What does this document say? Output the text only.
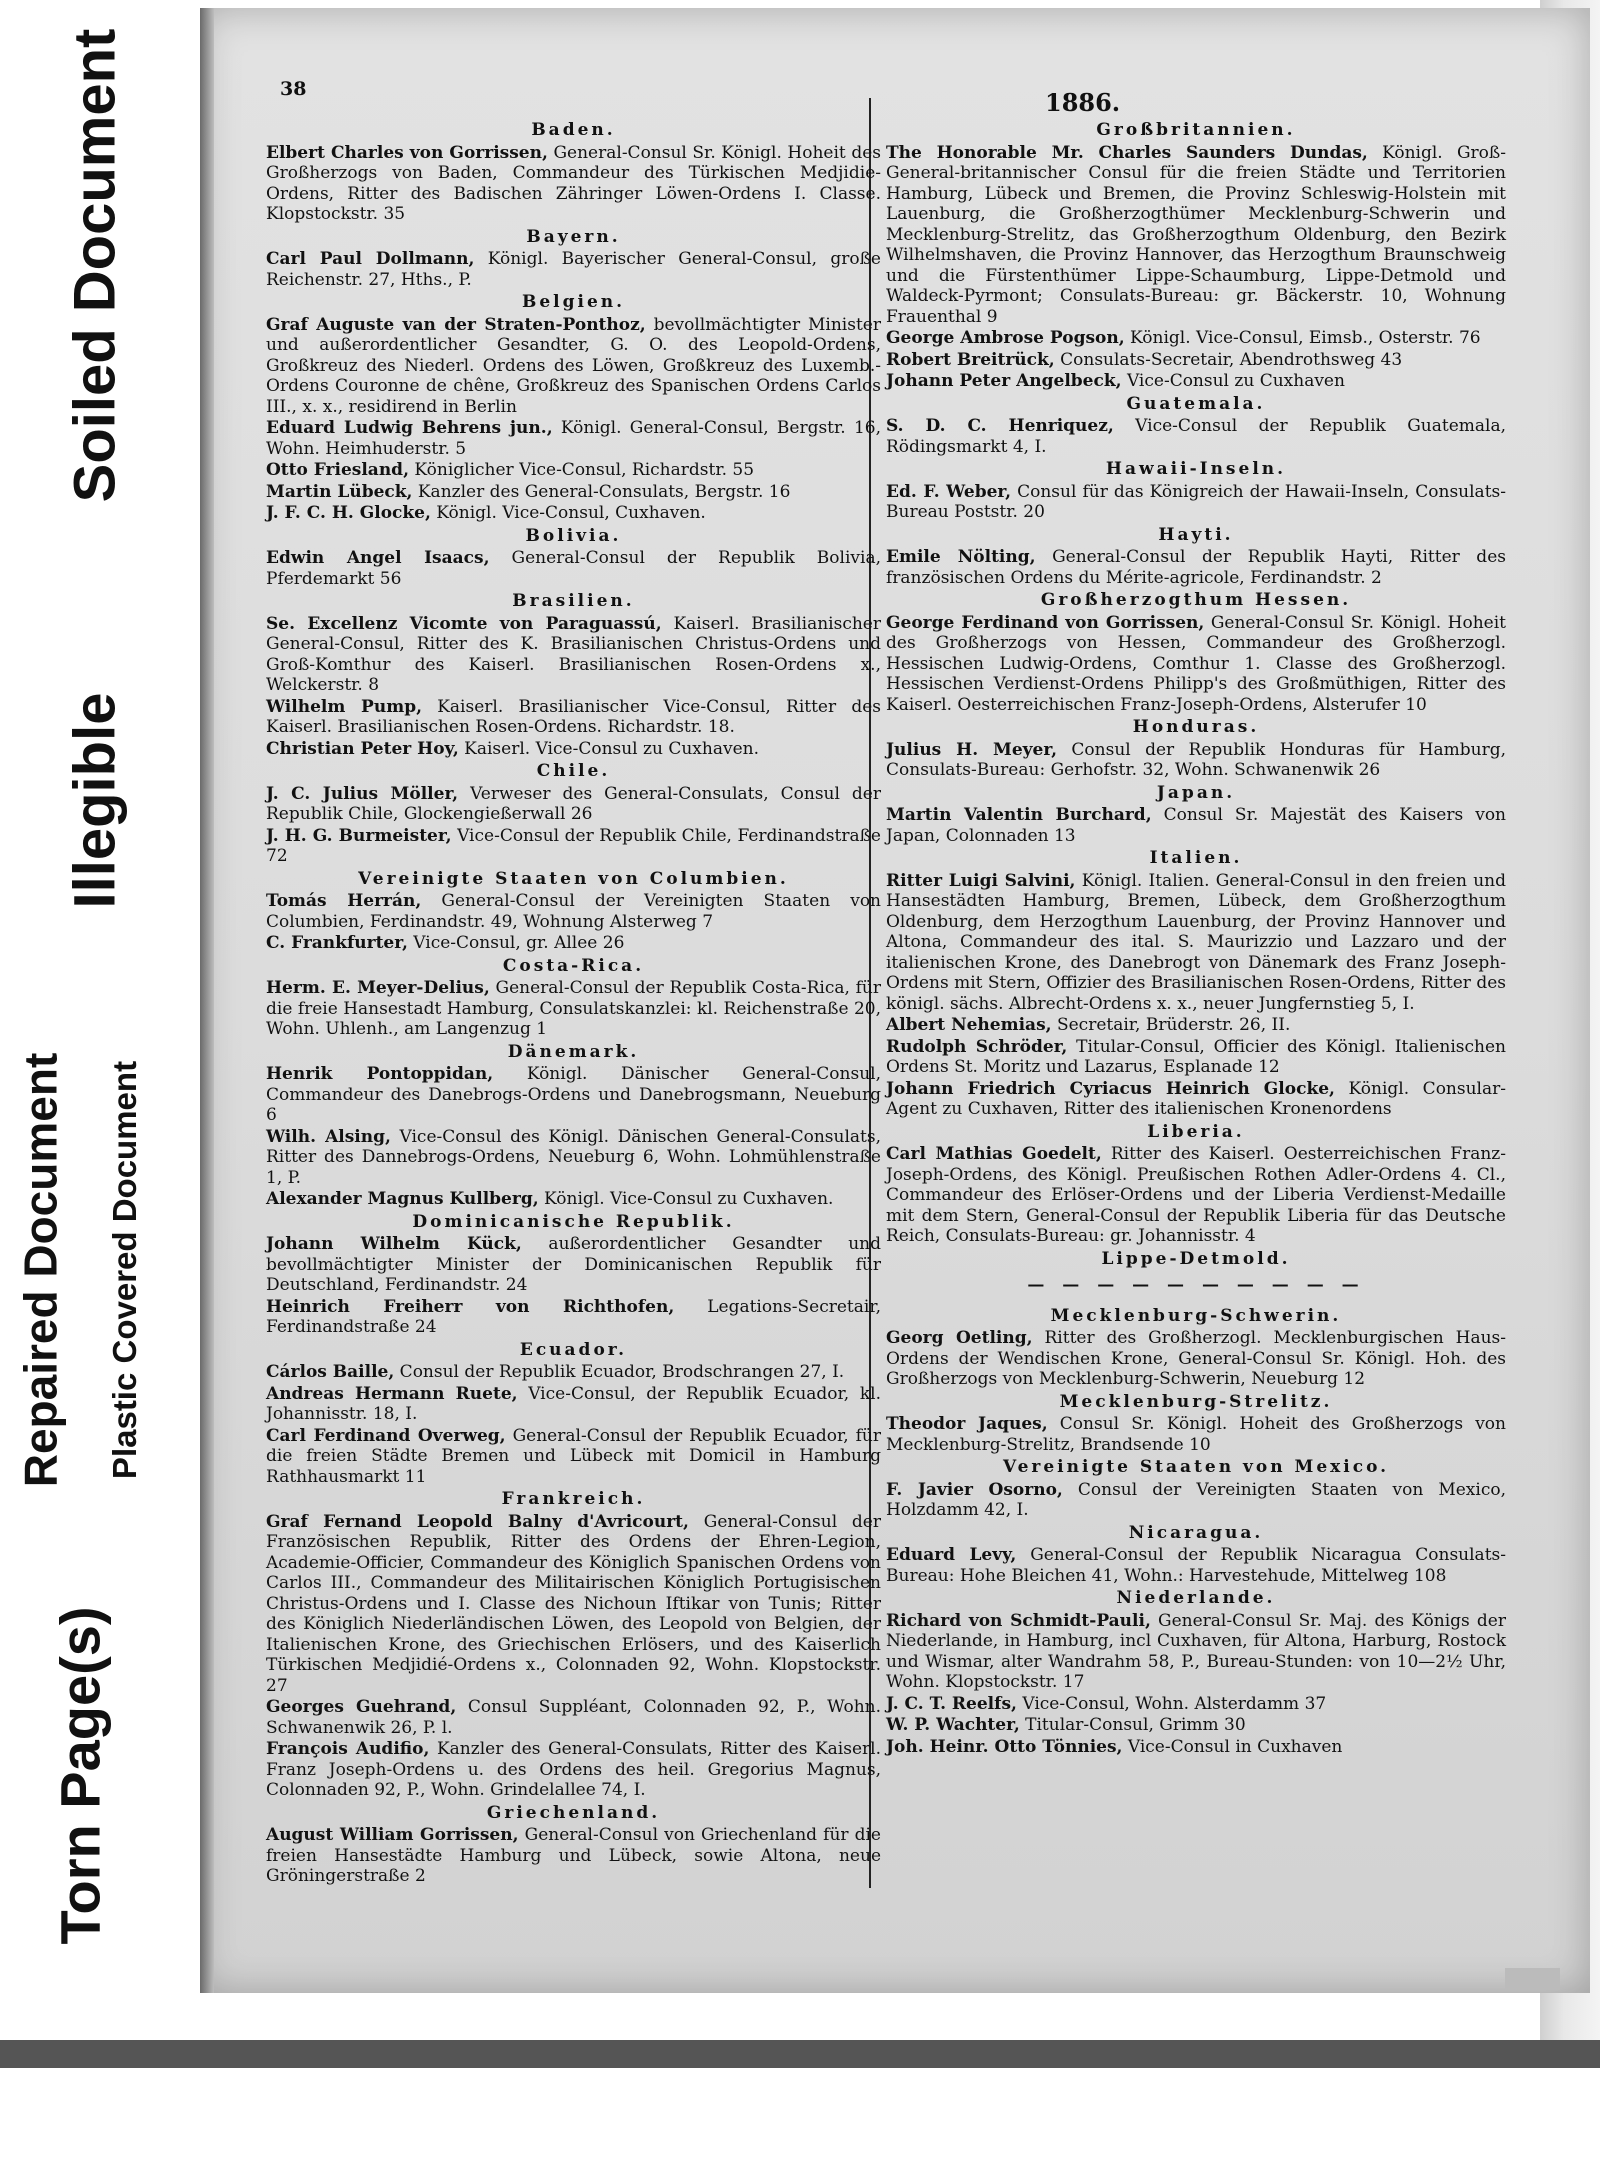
Soiled Document
Illegible
Repaired Document Plastic Covered Document
Torn Page(s)
38	1886.
Baden.
Elbert Charles von Gorrissen, General-Consul Sr. Königl. Hoheit des Großherzogs von Baden, Commandeur des Türkischen Medjidie-Ordens, Ritter des Badischen Zähringer Löwen-Ordens I. Classe. Klopstockstr. 35
Bayern.
Carl Paul Dollmann, Königl. Bayerischer General-Consul, große Reichenstr. 27, Hths., P.
Belgien.
Graf Auguste van der Straten-Ponthoz, bevollmächtigter Minister und außerordentlicher Gesandter, G. O. des Leopold-Ordens, Großkreuz des Niederl. Ordens des Löwen, Großkreuz des Luxemb.-Ordens Couronne de chêne, Großkreuz des Spanischen Ordens Carlos III., x. x., residirend in Berlin
Eduard Ludwig Behrens jun., Königl. General-Consul, Bergstr. 16, Wohn. Heimhuderstr. 5
Otto Friesland, Königlicher Vice-Consul, Richardstr. 55
Martin Lübeck, Kanzler des General-Consulats, Bergstr. 16
J. F. C. H. Glocke, Königl. Vice-Consul, Cuxhaven.
Bolivia.
Edwin Angel Isaacs, General-Consul der Republik Bolivia, Pferdemarkt 56
Brasilien.
Se. Excellenz Vicomte von Paraguassú, Kaiserl. Brasilianischer General-Consul, Ritter des K. Brasilianischen Christus-Ordens und Groß-Komthur des Kaiserl. Brasilianischen Rosen-Ordens x., Welckerstr. 8
Wilhelm Pump, Kaiserl. Brasilianischer Vice-Consul, Ritter des Kaiserl. Brasilianischen Rosen-Ordens. Richardstr. 18.
Christian Peter Hoy, Kaiserl. Vice-Consul zu Cuxhaven.
Chile.
J. C. Julius Möller, Verweser des General-Consulats, Consul der Republik Chile, Glockengießerwall 26
J. H. G. Burmeister, Vice-Consul der Republik Chile, Ferdinandstraße 72
Vereinigte Staaten von Columbien.
Tomás Herrán, General-Consul der Vereinigten Staaten von Columbien, Ferdinandstr. 49, Wohnung Alsterweg 7
C. Frankfurter, Vice-Consul, gr. Allee 26
Costa-Rica.
Herm. E. Meyer-Delius, General-Consul der Republik Costa-Rica, für die freie Hansestadt Hamburg, Consulatskanzlei: kl. Reichenstraße 20, Wohn. Uhlenh., am Langenzug 1
Dänemark.
Henrik Pontoppidan, Königl. Dänischer General-Consul, Commandeur des Danebrogs-Ordens und Danebrogsmann, Neueburg 6
Wilh. Alsing, Vice-Consul des Königl. Dänischen General-Consulats, Ritter des Dannebrogs-Ordens, Neueburg 6, Wohn. Lohmühlenstraße 1, P.
Alexander Magnus Kullberg, Königl. Vice-Consul zu Cuxhaven.
Dominicanische Republik.
Johann Wilhelm Kück, außerordentlicher Gesandter und bevollmächtigter Minister der Dominicanischen Republik für Deutschland, Ferdinandstr. 24
Heinrich Freiherr von Richthofen, Legations-Secretair, Ferdinandstraße 24
Ecuador.
Cárlos Baille, Consul der Republik Ecuador, Brodschrangen 27, I.
Andreas Hermann Ruete, Vice-Consul, der Republik Ecuador, kl. Johannisstr. 18, I.
Carl Ferdinand Overweg, General-Consul der Republik Ecuador, für die freien Städte Bremen und Lübeck mit Domicil in Hamburg Rathhausmarkt 11
Frankreich.
Graf Fernand Leopold Balny d'Avricourt, General-Consul der Französischen Republik, Ritter des Ordens der Ehren-Legion, Academie-Officier, Commandeur des Königlich Spanischen Ordens von Carlos III., Commandeur des Militairischen Königlich Portugisischen Christus-Ordens und I. Classe des Nichoun Iftikar von Tunis; Ritter des Königlich Niederländischen Löwen, des Leopold von Belgien, der Italienischen Krone, des Griechischen Erlösers, und des Kaiserlich Türkischen Medjidié-Ordens x., Colonnaden 92, Wohn. Klopstockstr. 27
Georges Guehrand, Consul Suppléant, Colonnaden 92, P., Wohn. Schwanenwik 26, P. l.
François Audifio, Kanzler des General-Consulats, Ritter des Kaiserl. Franz Joseph-Ordens u. des Ordens des heil. Gregorius Magnus, Colonnaden 92, P., Wohn. Grindelallee 74, I.
Griechenland.
August William Gorrissen, General-Consul von Griechenland für die freien Hansestädte Hamburg und Lübeck, sowie Altona, neue Gröningerstraße 2
Großbritannien.
The Honorable Mr. Charles Saunders Dundas, Königl. Groß-General-britannischer Consul für die freien Städte und Territorien Hamburg, Lübeck und Bremen, die Provinz Schleswig-Holstein mit Lauenburg, die Großherzogthümer Mecklenburg-Schwerin und Mecklenburg-Strelitz, das Großherzogthum Oldenburg, den Bezirk Wilhelmshaven, die Provinz Hannover, das Herzogthum Braunschweig und die Fürstenthümer Lippe-Schaumburg, Lippe-Detmold und Waldeck-Pyrmont; Consulats-Bureau: gr. Bäckerstr. 10, Wohnung Frauenthal 9
George Ambrose Pogson, Königl. Vice-Consul, Eimsb., Osterstr. 76
Robert Breitrück, Consulats-Secretair, Abendrothsweg 43
Johann Peter Angelbeck, Vice-Consul zu Cuxhaven
Guatemala.
S. D. C. Henriquez, Vice-Consul der Republik Guatemala, Rödingsmarkt 4, I.
Hawaii-Inseln.
Ed. F. Weber, Consul für das Königreich der Hawaii-Inseln, Consulats-Bureau Poststr. 20
Hayti.
Emile Nölting, General-Consul der Republik Hayti, Ritter des französischen Ordens du Mérite-agricole, Ferdinandstr. 2
Großherzogthum Hessen.
George Ferdinand von Gorrissen, General-Consul Sr. Königl. Hoheit des Großherzogs von Hessen, Commandeur des Großherzogl. Hessischen Ludwig-Ordens, Comthur 1. Classe des Großherzogl. Hessischen Verdienst-Ordens Philipp's des Großmüthigen, Ritter des Kaiserl. Oesterreichischen Franz-Joseph-Ordens, Alsterufer 10
Honduras.
Julius H. Meyer, Consul der Republik Honduras für Hamburg, Consulats-Bureau: Gerhofstr. 32, Wohn. Schwanenwik 26
Japan.
Martin Valentin Burchard, Consul Sr. Majestät des Kaisers von Japan, Colonnaden 13
Italien.
Ritter Luigi Salvini, Königl. Italien. General-Consul in den freien und Hansestädten Hamburg, Bremen, Lübeck, dem Großherzogthum Oldenburg, dem Herzogthum Lauenburg, der Provinz Hannover und Altona, Commandeur des ital. S. Maurizzio und Lazzaro und der italienischen Krone, des Danebrogt von Dänemark des Franz Joseph-Ordens mit Stern, Offizier des Brasilianischen Rosen-Ordens, Ritter des königl. sächs. Albrecht-Ordens x. x., neuer Jungfernstieg 5, I.
Albert Nehemias, Secretair, Brüderstr. 26, II.
Rudolph Schröder, Titular-Consul, Officier des Königl. Italienischen Ordens St. Moritz und Lazarus, Esplanade 12
Johann Friedrich Cyriacus Heinrich Glocke, Königl. Consular-Agent zu Cuxhaven, Ritter des italienischen Kronenordens
Liberia.
Carl Mathias Goedelt, Ritter des Kaiserl. Oesterreichischen Franz-Joseph-Ordens, des Königl. Preußischen Rothen Adler-Ordens 4. Cl., Commandeur des Erlöser-Ordens und der Liberia Verdienst-Medaille mit dem Stern, General-Consul der Republik Liberia für das Deutsche Reich, Consulats-Bureau: gr. Johannisstr. 4
Lippe-Detmold.
— — — — — — — — — —
Mecklenburg-Schwerin.
Georg Oetling, Ritter des Großherzogl. Mecklenburgischen Haus-Ordens der Wendischen Krone, General-Consul Sr. Königl. Hoh. des Großherzogs von Mecklenburg-Schwerin, Neueburg 12
Mecklenburg-Strelitz.
Theodor Jaques, Consul Sr. Königl. Hoheit des Großherzogs von Mecklenburg-Strelitz, Brandsende 10
Vereinigte Staaten von Mexico.
F. Javier Osorno, Consul der Vereinigten Staaten von Mexico, Holzdamm 42, I.
Nicaragua.
Eduard Levy, General-Consul der Republik Nicaragua Consulats-Bureau: Hohe Bleichen 41, Wohn.: Harvestehude, Mittelweg 108
Niederlande.
Richard von Schmidt-Pauli, General-Consul Sr. Maj. des Königs der Niederlande, in Hamburg, incl Cuxhaven, für Altona, Harburg, Rostock und Wismar, alter Wandrahm 58, P., Bureau-Stunden: von 10—2½ Uhr, Wohn. Klopstockstr. 17
J. C. T. Reelfs, Vice-Consul, Wohn. Alsterdamm 37
W. P. Wachter, Titular-Consul, Grimm 30
Joh. Heinr. Otto Tönnies, Vice-Consul in Cuxhaven
